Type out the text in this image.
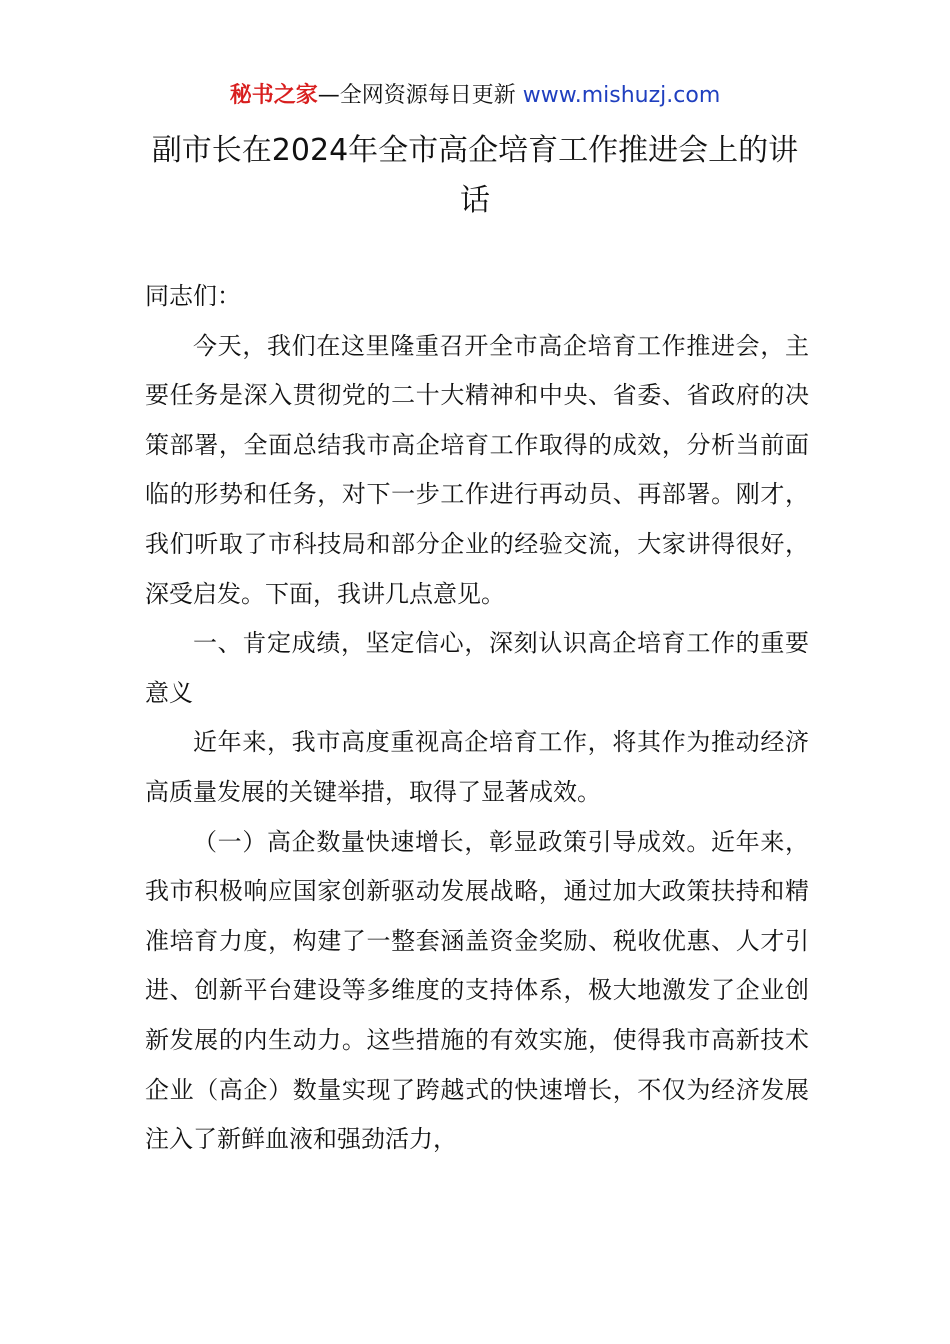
秘书之家—全网资源每日更新 www.mishuzj.com
副市长在2024年全市高企培育工作推进会上的讲话

同志们：

今天，我们在这里隆重召开全市高企培育工作推进会，主要任务是深入贯彻党的二十大精神和中央、省委、省政府的决策部署，全面总结我市高企培育工作取得的成效，分析当前面临的形势和任务，对下一步工作进行再动员、再部署。刚才，我们听取了市科技局和部分企业的经验交流，大家讲得很好，深受启发。下面，我讲几点意见。

一、肯定成绩，坚定信心，深刻认识高企培育工作的重要意义

近年来，我市高度重视高企培育工作，将其作为推动经济高质量发展的关键举措，取得了显著成效。

（一）高企数量快速增长，彰显政策引导成效。近年来，我市积极响应国家创新驱动发展战略，通过加大政策扶持和精准培育力度，构建了一整套涵盖资金奖励、税收优惠、人才引进、创新平台建设等多维度的支持体系，极大地激发了企业创新发展的内生动力。这些措施的有效实施，使得我市高新技术企业（高企）数量实现了跨越式的快速增长，不仅为经济发展注入了新鲜血液和强劲活力，
